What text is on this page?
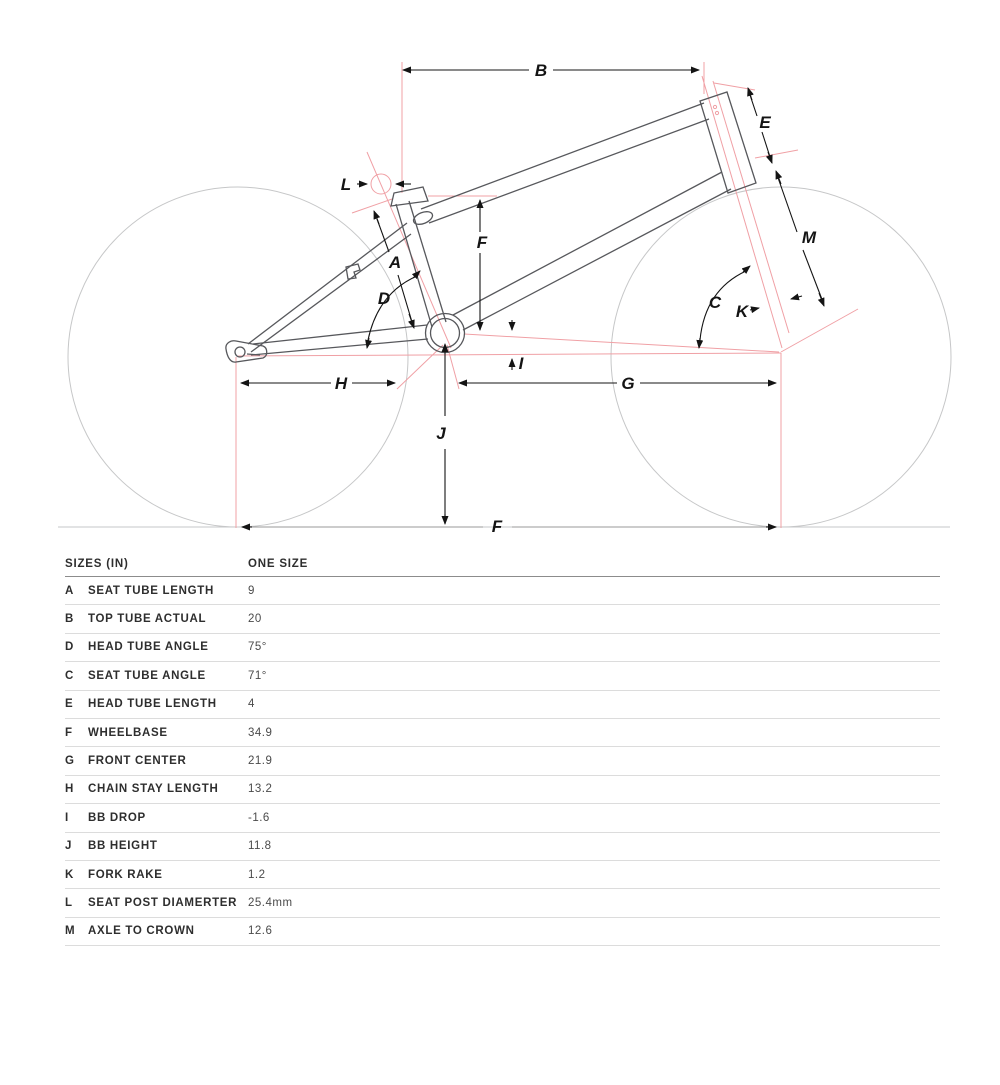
B
E
L
A
D
F	M
C K
H
I
G
J
F
SIZES (IN)	ONE SIZE
A	SEAT TUBE LENGTH	9
B	TOP TUBE ACTUAL	20
D	HEAD TUBE ANGLE	75°
C	SEAT TUBE ANGLE	71°
E	HEAD TUBE LENGTH	4
F	WHEELBASE	34.9
G	FRONT CENTER	21.9
H	CHAIN STAY LENGTH	13.2
I	BB DROP	-1.6
J	BB HEIGHT	11.8
K	FORK RAKE	1.2
L	SEAT POST DIAMERTER 25.4mm
M	AXLE TO CROWN	12.6
